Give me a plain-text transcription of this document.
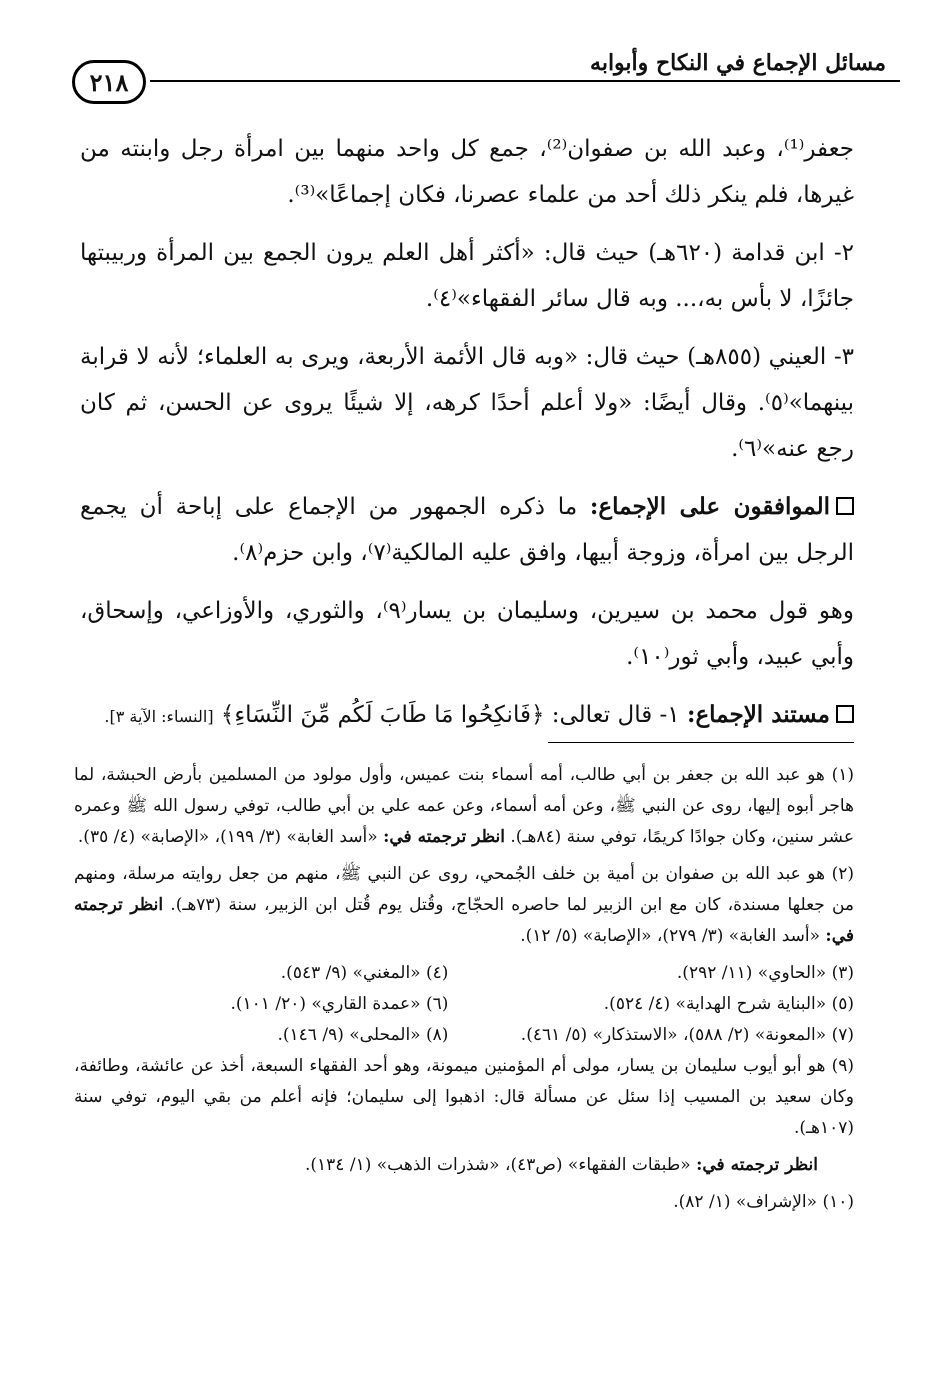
مسائل الإجماع في النكاح وأبوابه
٢١٨

جعفر⁽¹⁾، وعبد الله بن صفوان⁽²⁾، جمع كل واحد منهما بين امرأة رجل وابنته من غيرها، فلم ينكر ذلك أحد من علماء عصرنا، فكان إجماعًا»⁽³⁾.

٢- ابن قدامة (٦٢٠هـ) حيث قال: «أكثر أهل العلم يرون الجمع بين المرأة وربيبتها جائزًا، لا بأس به،... وبه قال سائر الفقهاء»⁽٤⁾.

٣- العيني (٨٥٥هـ) حيث قال: «وبه قال الأئمة الأربعة، ويرى به العلماء؛ لأنه لا قرابة بينهما»⁽٥⁾. وقال أيضًا: «ولا أعلم أحدًا كرهه، إلا شيئًا يروى عن الحسن، ثم كان رجع عنه»⁽٦⁾.

الموافقون على الإجماع: ما ذكره الجمهور من الإجماع على إباحة أن يجمع الرجل بين امرأة، وزوجة أبيها، وافق عليه المالكية⁽٧⁾، وابن حزم⁽٨⁾.

وهو قول محمد بن سيرين، وسليمان بن يسار⁽٩⁾، والثوري، والأوزاعي، وإسحاق، وأبي عبيد، وأبي ثور⁽١٠⁾.

مستند الإجماع: ١- قال تعالى: ﴿فَانكِحُوا مَا طَابَ لَكُم مِّنَ النِّسَاءِ﴾ [النساء: الآية ٣].

(١) هو عبد الله بن جعفر بن أبي طالب، أمه أسماء بنت عميس، وأول مولود من المسلمين بأرض الحبشة، لما هاجر أبوه إليها، روى عن النبي ﷺ، وعن أمه أسماء، وعن عمه علي بن أبي طالب، توفي رسول الله ﷺ وعمره عشر سنين، وكان جوادًا كريمًا، توفي سنة (٨٤هـ). انظر ترجمته في: «أسد الغابة» (٣/ ١٩٩)، «الإصابة» (٤/ ٣٥).

(٢) هو عبد الله بن صفوان بن أمية بن خلف الجُمحي، روى عن النبي ﷺ، منهم من جعل روايته مرسلة، ومنهم من جعلها مسندة، كان مع ابن الزبير لما حاصره الحجّاج، وقُتل يوم قُتل ابن الزبير، سنة (٧٣هـ). انظر ترجمته في: «أسد الغابة» (٣/ ٢٧٩)، «الإصابة» (٥/ ١٢).

(٣) «الحاوي» (١١/ ٢٩٢).
(٤) «المغني» (٩/ ٥٤٣).
(٥) «البناية شرح الهداية» (٤/ ٥٢٤).
(٦) «عمدة القاري» (٢٠/ ١٠١).
(٧) «المعونة» (٢/ ٥٨٨)، «الاستذكار» (٥/ ٤٦١).
(٨) «المحلى» (٩/ ١٤٦).

(٩) هو أبو أيوب سليمان بن يسار، مولى أم المؤمنين ميمونة، وهو أحد الفقهاء السبعة، أخذ عن عائشة، وطائفة، وكان سعيد بن المسيب إذا سئل عن مسألة قال: اذهبوا إلى سليمان؛ فإنه أعلم من بقي اليوم، توفي سنة (١٠٧هـ).

انظر ترجمته في: «طبقات الفقهاء» (ص٤٣)، «شذرات الذهب» (١/ ١٣٤).

(١٠) «الإشراف» (١/ ٨٢).
